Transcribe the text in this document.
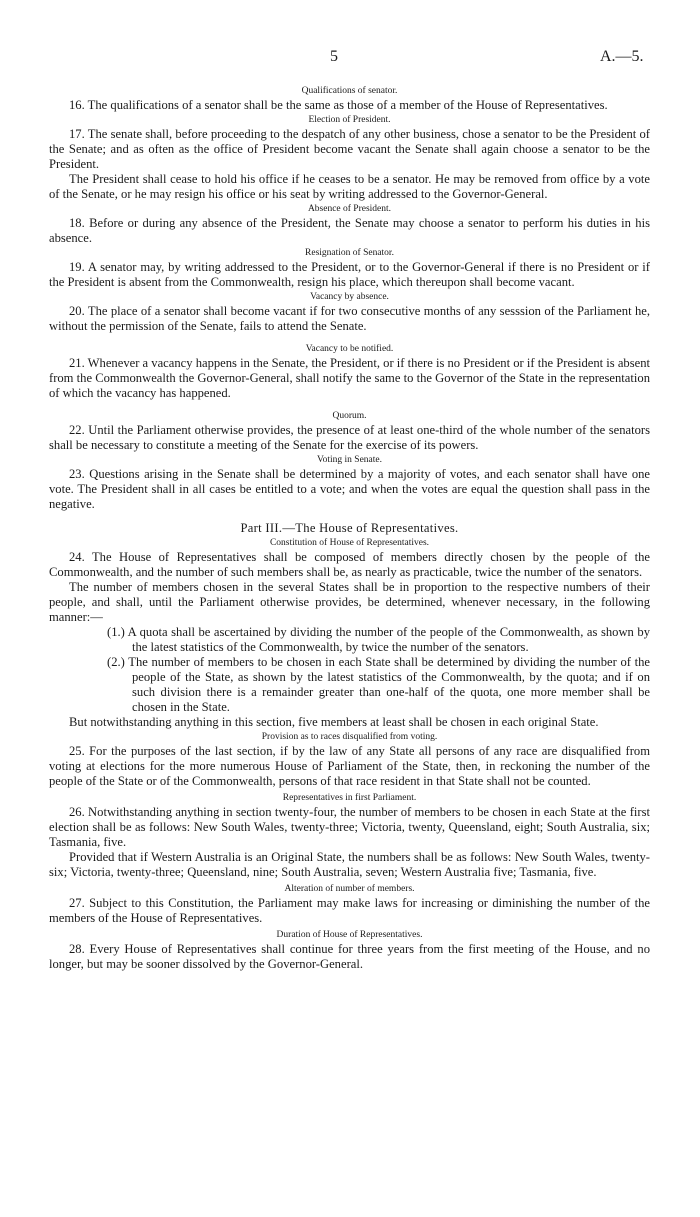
5	A.—5.

Qualifications of senator.

16. The qualifications of a senator shall be the same as those of a member of the House of Representatives.

Election of President.

17. The senate shall, before proceeding to the despatch of any other business, chose a senator to be the President of the Senate; and as often as the office of President become vacant the Senate shall again choose a senator to be the President.

The President shall cease to hold his office if he ceases to be a senator. He may be removed from office by a vote of the Senate, or he may resign his office or his seat by writing addressed to the Governor-General.

Absence of President.

18. Before or during any absence of the President, the Senate may choose a senator to perform his duties in his absence.

Resignation of Senator.

19. A senator may, by writing addressed to the President, or to the Governor-General if there is no President or if the President is absent from the Commonwealth, resign his place, which thereupon shall become vacant.

Vacancy by absence.

20. The place of a senator shall become vacant if for two consecutive months of any sesssion of the Parliament he, without the permission of the Senate, fails to attend the Senate.

Vacancy to be notified.

21. Whenever a vacancy happens in the Senate, the President, or if there is no President or if the President is absent from the Commonwealth the Governor-General, shall notify the same to the Governor of the State in the representation of which the vacancy has happened.

Quorum.

22. Until the Parliament otherwise provides, the presence of at least one-third of the whole number of the senators shall be necessary to constitute a meeting of the Senate for the exercise of its powers.

Voting in Senate.

23. Questions arising in the Senate shall be determined by a majority of votes, and each senator shall have one vote. The President shall in all cases be entitled to a vote; and when the votes are equal the question shall pass in the negative.

Part III.—The House of Representatives.

Constitution of House of Representatives.

24. The House of Representatives shall be composed of members directly chosen by the people of the Commonwealth, and the number of such members shall be, as nearly as practicable, twice the number of the senators.

The number of members chosen in the several States shall be in proportion to the respective numbers of their people, and shall, until the Parliament otherwise provides, be determined, whenever necessary, in the following manner:—

(1.) A quota shall be ascertained by dividing the number of the people of the Commonwealth, as shown by the latest statistics of the Commonwealth, by twice the number of the senators.

(2.) The number of members to be chosen in each State shall be determined by dividing the number of the people of the State, as shown by the latest statistics of the Commonwealth, by the quota; and if on such division there is a remainder greater than one-half of the quota, one more member shall be chosen in the State.

But notwithstanding anything in this section, five members at least shall be chosen in each original State.

Provision as to races disqualified from voting.

25. For the purposes of the last section, if by the law of any State all persons of any race are disqualified from voting at elections for the more numerous House of Parliament of the State, then, in reckoning the number of the people of the State or of the Commonwealth, persons of that race resident in that State shall not be counted.

Representatives in first Parliament.

26. Notwithstanding anything in section twenty-four, the number of members to be chosen in each State at the first election shall be as follows: New South Wales, twenty-three; Victoria, twenty, Queensland, eight; South Australia, six; Tasmania, five.

Provided that if Western Australia is an Original State, the numbers shall be as follows: New South Wales, twenty-six; Victoria, twenty-three; Queensland, nine; South Australia, seven; Western Australia five; Tasmania, five.

Alteration of number of members.

27. Subject to this Constitution, the Parliament may make laws for increasing or diminishing the number of the members of the House of Representatives.

Duration of House of Representatives.

28. Every House of Representatives shall continue for three years from the first meeting of the House, and no longer, but may be sooner dissolved by the Governor-General.
